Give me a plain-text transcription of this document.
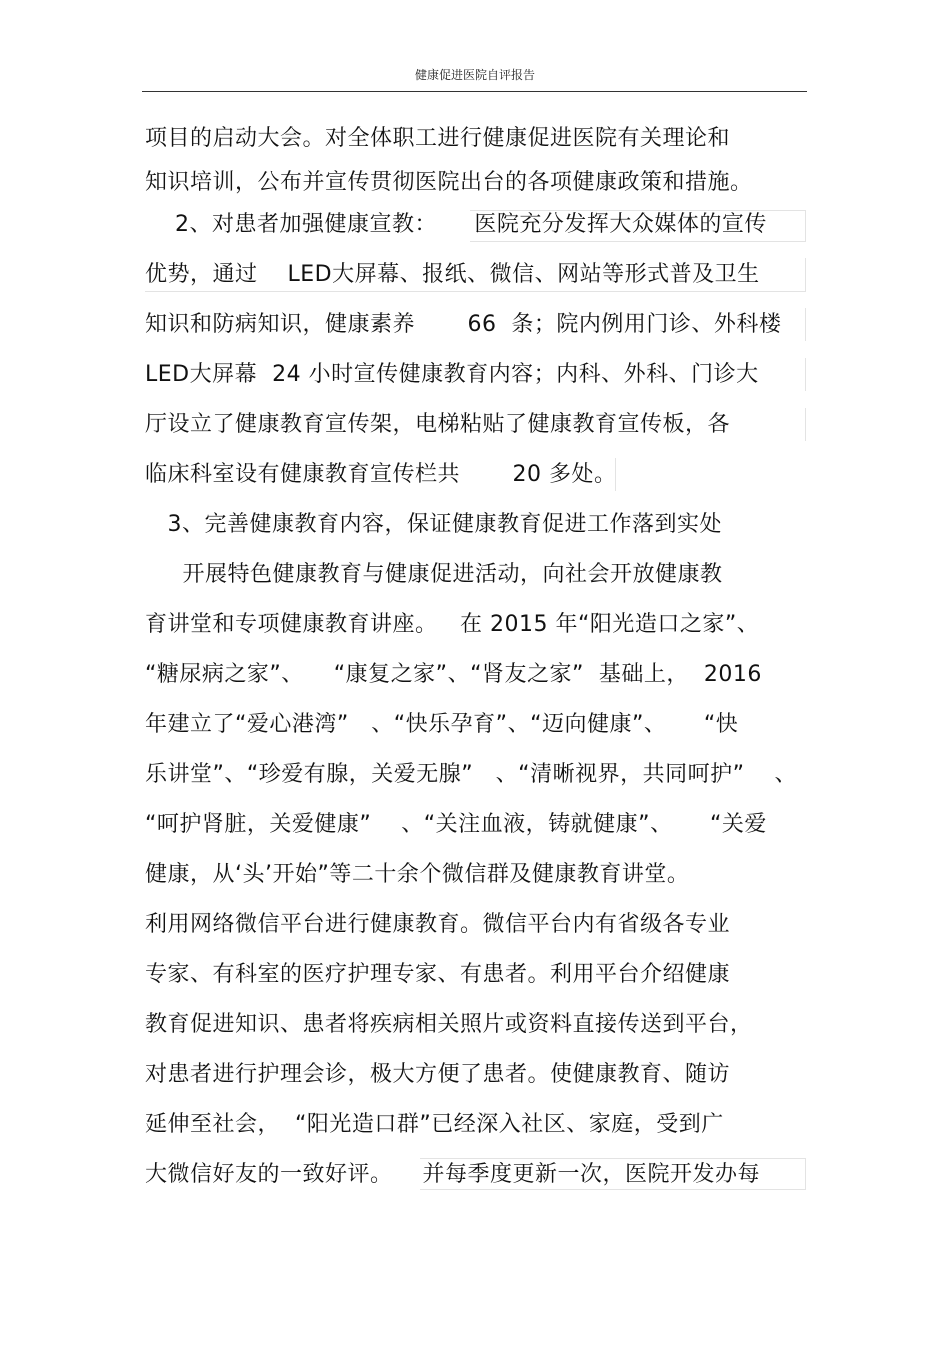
健康促进医院自评报告
项目的启动大会。对全体职工进行健康促进医院有关理论和
知识培训，公布并宣传贯彻医院出台的各项健康政策和措施。
2、对患者加强健康宣教：     医院充分发挥大众媒体的宣传
优势，通过    LED大屏幕、报纸、微信、网站等形式普及卫生
知识和防病知识，健康素养       66  条；院内例用门诊、外科楼
LED大屏幕  24 小时宣传健康教育内容；内科、外科、门诊大
厅设立了健康教育宣传架，电梯粘贴了健康教育宣传板，各
临床科室设有健康教育宣传栏共       20 多处。
3、完善健康教育内容，保证健康教育促进工作落到实处
开展特色健康教育与健康促进活动，向社会开放健康教
育讲堂和专项健康教育讲座。   在 2015 年“阳光造口之家”、
“糖尿病之家”、    “康复之家”、“肾友之家”  基础上，  2016
年建立了“爱心港湾”   、“快乐孕育”、“迈向健康”、     “快
乐讲堂”、“珍爱有腺，关爱无腺”   、“清晰视界，共同呵护”    、
“呵护肾脏，关爱健康”    、“关注血液，铸就健康”、     “关爱
健康，从‘头’开始”等二十余个微信群及健康教育讲堂。
利用网络微信平台进行健康教育。微信平台内有省级各专业
专家、有科室的医疗护理专家、有患者。利用平台介绍健康
教育促进知识、患者将疾病相关照片或资料直接传送到平台，
对患者进行护理会诊，极大方便了患者。使健康教育、随访
延伸至社会，  “阳光造口群”已经深入社区、家庭，受到广
大微信好友的一致好评。    并每季度更新一次，医院开发办每
